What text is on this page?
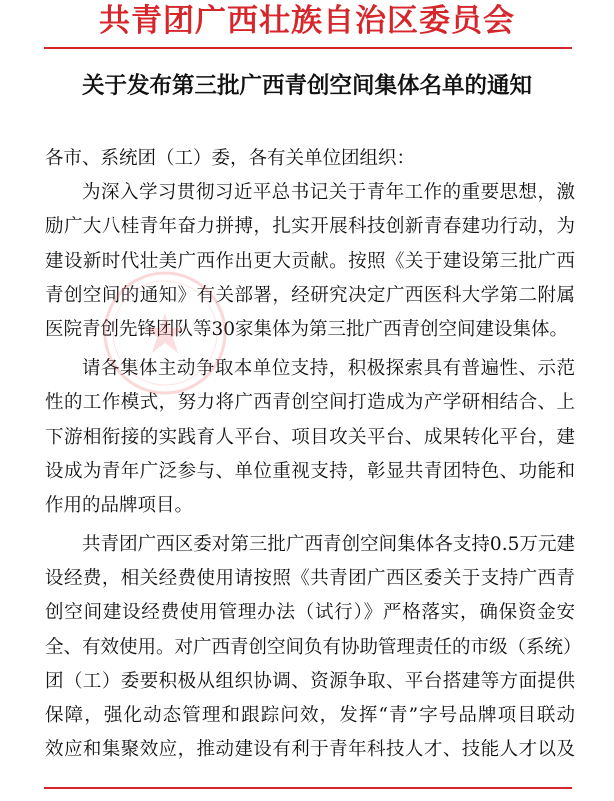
共青团广西壮族自治区委员会
关于发布第三批广西青创空间集体名单的通知
各市、系统团（工）委，各有关单位团组织：
为深入学习贯彻习近平总书记关于青年工作的重要思想，激
励广大八桂青年奋力拼搏，扎实开展科技创新青春建功行动，为
建设新时代壮美广西作出更大贡献。按照《关于建设第三批广西
青创空间的通知》有关部署，经研究决定广西医科大学第二附属
医院青创先锋团队等30家集体为第三批广西青创空间建设集体。
请各集体主动争取本单位支持，积极探索具有普遍性、示范
性的工作模式，努力将广西青创空间打造成为产学研相结合、上
下游相衔接的实践育人平台、项目攻关平台、成果转化平台，建
设成为青年广泛参与、单位重视支持，彰显共青团特色、功能和
作用的品牌项目。
共青团广西区委对第三批广西青创空间集体各支持0.5万元建
设经费，相关经费使用请按照《共青团广西区委关于支持广西青
创空间建设经费使用管理办法（试行）》严格落实，确保资金安
全、有效使用。对广西青创空间负有协助管理责任的市级（系统）
团（工）委要积极从组织协调、资源争取、平台搭建等方面提供
保障，强化动态管理和跟踪问效，发挥“青”字号品牌项目联动
效应和集聚效应，推动建设有利于青年科技人才、技能人才以及
